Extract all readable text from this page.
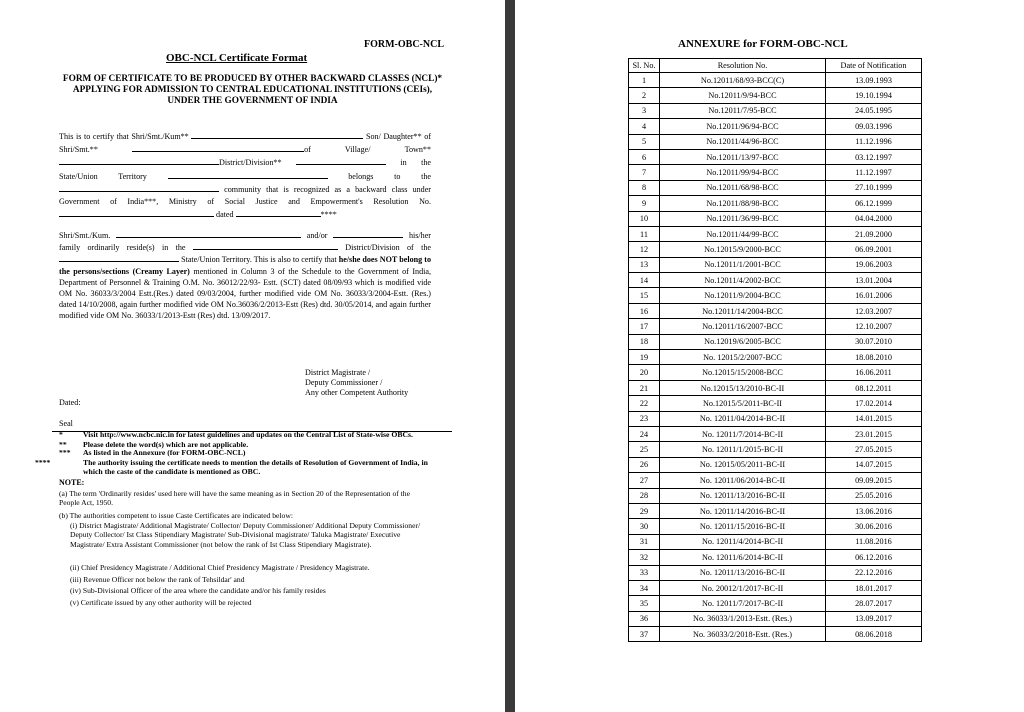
FORM-OBC-NCL
OBC-NCL Certificate Format
FORM OF CERTIFICATE TO BE PRODUCED BY OTHER BACKWARD CLASSES (NCL)* APPLYING FOR ADMISSION TO CENTRAL EDUCATIONAL INSTITUTIONS (CEIs), UNDER THE GOVERNMENT OF INDIA

This is to certify that Shri/Smt./Kum**	Son/ Daughter** of Shri/Smt.**	of Village/ Town** District/Division**	in the State/Union Territory	belongs to the  community that is recognized as a backward class under Government of India***, Ministry of Social Justice and Empowerment's Resolution No.  dated	****

Shri/Smt./Kum.	and/or	his/her family ordinarily reside(s) in the	District/Division of the  State/Union Territory. This is also to certify that he/she does NOT belong to the persons/sections (Creamy Layer) mentioned in Column 3 of the Schedule to the Government of India, Department of Personnel & Training O.M. No. 36012/22/93- Estt. (SCT) dated 08/09/93 which is modified vide OM No. 36033/3/2004 Estt.(Res.) dated 09/03/2004, further modified vide OM No. 36033/3/2004-Estt. (Res.) dated 14/10/2008, again further modified vide OM No.36036/2/2013-Estt (Res) dtd. 30/05/2014, and again further modified vide OM No. 36033/1/2013-Estt (Res) dtd. 13/09/2017.

District Magistrate /
Deputy Commissioner /
Any other Competent Authority
Dated:
Seal

*	Visit http://www.ncbc.nic.in for latest guidelines and updates on the Central List of State-wise OBCs.

** Please delete the word(s) which are not applicable.

*** As listed in the Annexure (for FORM-OBC-NCL)

****	The authority issuing the certificate needs to mention the details of Resolution of Government of India, in which the caste of the candidate is mentioned as OBC.

NOTE:

(a) The term 'Ordinarily resides' used here will have the same meaning as in Section 20 of the Representation of the People Act, 1950.

(b) The authorities competent to issue Caste Certificates are indicated below:

(i) District Magistrate/ Additional Magistrate/ Collector/ Deputy Commissioner/ Additional Deputy Commissioner/ Deputy Collector/ Ist Class Stipendiary Magistrate/ Sub-Divisional magistrate/ Taluka Magistrate/ Executive Magistrate/ Extra Assistant Commissioner (not below the rank of Ist Class Stipendiary Magistrate).

(ii) Chief Presidency Magistrate / Additional Chief Presidency Magistrate / Presidency Magistrate.

(iii) Revenue Officer not below the rank of Tehsildar' and

(iv) Sub-Divisional Officer of the area where the candidate and/or his family resides

(v) Certificate issued by any other authority will be rejected

ANNEXURE for FORM-OBC-NCL
Sl. No.	Resolution No.	Date of Notification
1	No.12011/68/93-BCC(C)	13.09.1993
2	No.12011/9/94-BCC	19.10.1994
3	No.12011/7/95-BCC	24.05.1995
4	No.12011/96/94-BCC	09.03.1996
5	No.12011/44/96-BCC	11.12.1996
6	No.12011/13/97-BCC	03.12.1997
7	No.12011/99/94-BCC	11.12.1997
8	No.12011/68/98-BCC	27.10.1999
9	No.12011/88/98-BCC	06.12.1999
10	No.12011/36/99-BCC	04.04.2000
11	No.12011/44/99-BCC	21.09.2000
12	No.12015/9/2000-BCC	06.09.2001
13	No.12011/1/2001-BCC	19.06.2003
14	No.12011/4/2002-BCC	13.01.2004
15	No.12011/9/2004-BCC	16.01.2006
16	No.12011/14/2004-BCC	12.03.2007
17	No.12011/16/2007-BCC	12.10.2007
18	No.12019/6/2005-BCC	30.07.2010
19	No. 12015/2/2007-BCC	18.08.2010
20	No.12015/15/2008-BCC	16.06.2011
21	No.12015/13/2010-BC-II	08.12.2011
22	No.12015/5/2011-BC-II	17.02.2014
23	No. 12011/04/2014-BC-II	14.01.2015
24	No. 12011/7/2014-BC-II	23.01.2015
25	No. 12011/1/2015-BC-II	27.05.2015
26	No. 12015/05/2011-BC-II	14.07.2015
27	No. 12011/06/2014-BC-II	09.09.2015
28	No. 12011/13/2016-BC-II	25.05.2016
29	No. 12011/14/2016-BC-II	13.06.2016
30	No. 12011/15/2016-BC-II	30.06.2016
31	No. 12011/4/2014-BC-II	11.08.2016
32	No. 12011/6/2014-BC-II	06.12.2016
33	No. 12011/13/2016-BC-II	22.12.2016
34	No. 20012/1/2017-BC-II	18.01.2017
35	No. 12011/7/2017-BC-II	28.07.2017
36	No. 36033/1/2013-Estt. (Res.)	13.09.2017
37	No. 36033/2/2018-Estt. (Res.)	08.06.2018
